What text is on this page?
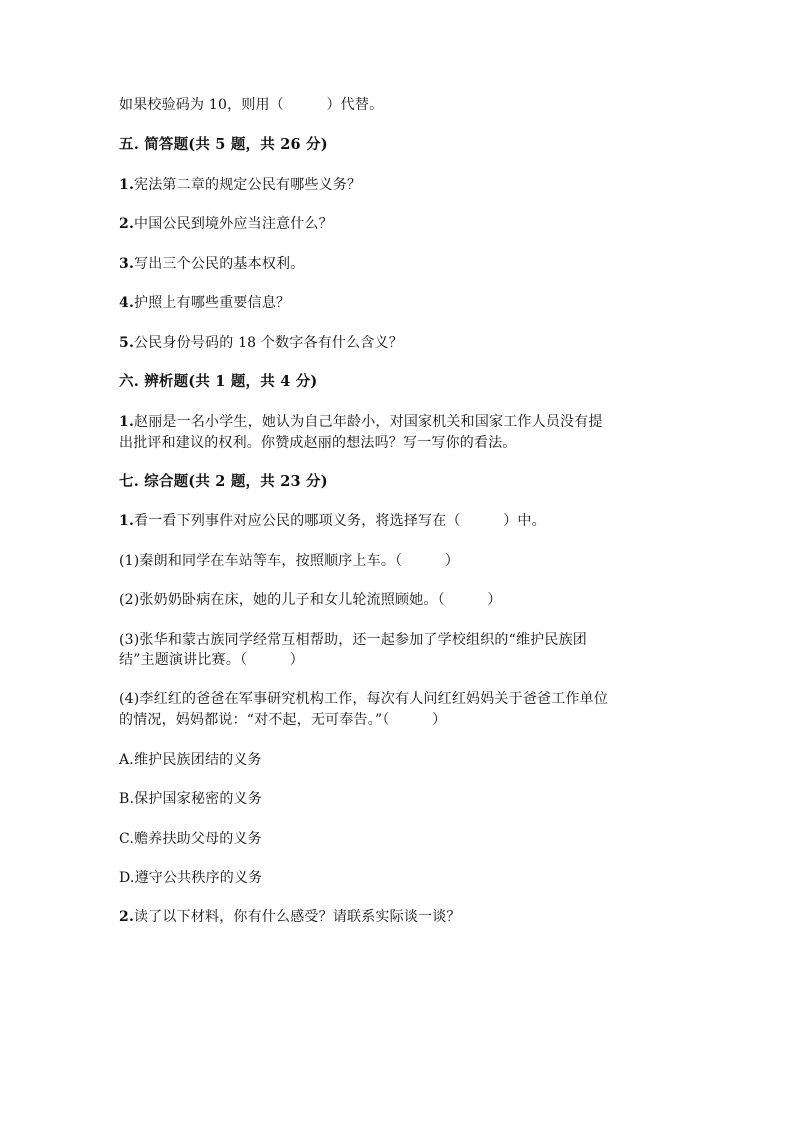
如果校验码为 10，则用（　　　）代替。
五. 简答题(共 5 题，共 26 分)
1.宪法第二章的规定公民有哪些义务？
2.中国公民到境外应当注意什么？
3.写出三个公民的基本权利。
4.护照上有哪些重要信息？
5.公民身份号码的 18 个数字各有什么含义？
六. 辨析题(共 1 题，共 4 分)
1.赵丽是一名小学生，她认为自己年龄小，对国家机关和国家工作人员没有提
出批评和建议的权利。你赞成赵丽的想法吗？写一写你的看法。
七. 综合题(共 2 题，共 23 分)
1.看一看下列事件对应公民的哪项义务，将选择写在（　　　）中。
(1)秦朗和同学在车站等车，按照顺序上车。（　　　）
(2)张奶奶卧病在床，她的儿子和女儿轮流照顾她。（　　　）
(3)张华和蒙古族同学经常互相帮助，还一起参加了学校组织的“维护民族团
结”主题演讲比赛。（　　　）
(4)李红红的爸爸在军事研究机构工作，每次有人问红红妈妈关于爸爸工作单位
的情况，妈妈都说：“对不起，无可奉告。”（　　　）
A.维护民族团结的义务
B.保护国家秘密的义务
C.赡养扶助父母的义务
D.遵守公共秩序的义务
2.读了以下材料，你有什么感受？请联系实际谈一谈？
